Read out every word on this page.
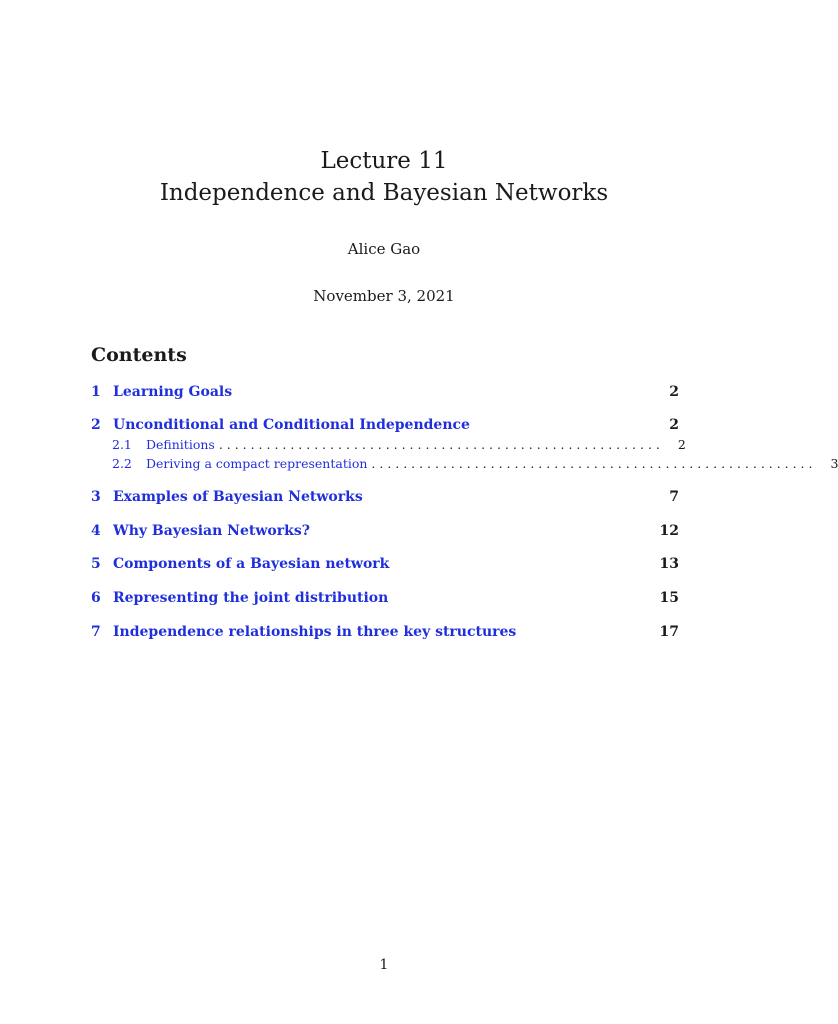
Lecture 11
Independence and Bayesian Networks
Alice Gao
November 3, 2021
Contents
1 Learning Goals	2
2 Unconditional and Conditional Independence	2
2.1	Definitions . . . . . . . . . . . . . . . . . . . . . . . . . . . . . . . . . . . . . . . . . . . . . . . . . . . . . . . . 2
2.2	Deriving a compact representation . . . . . . . . . . . . . . . . . . . . . . . . . . . . . . . . . . . . . . . . . . . . . . . . . . . . . . . . 3
3 Examples of Bayesian Networks	7
4 Why Bayesian Networks?	12
5 Components of a Bayesian network	13
6 Representing the joint distribution	15
7 Independence relationships in three key structures	17
1
